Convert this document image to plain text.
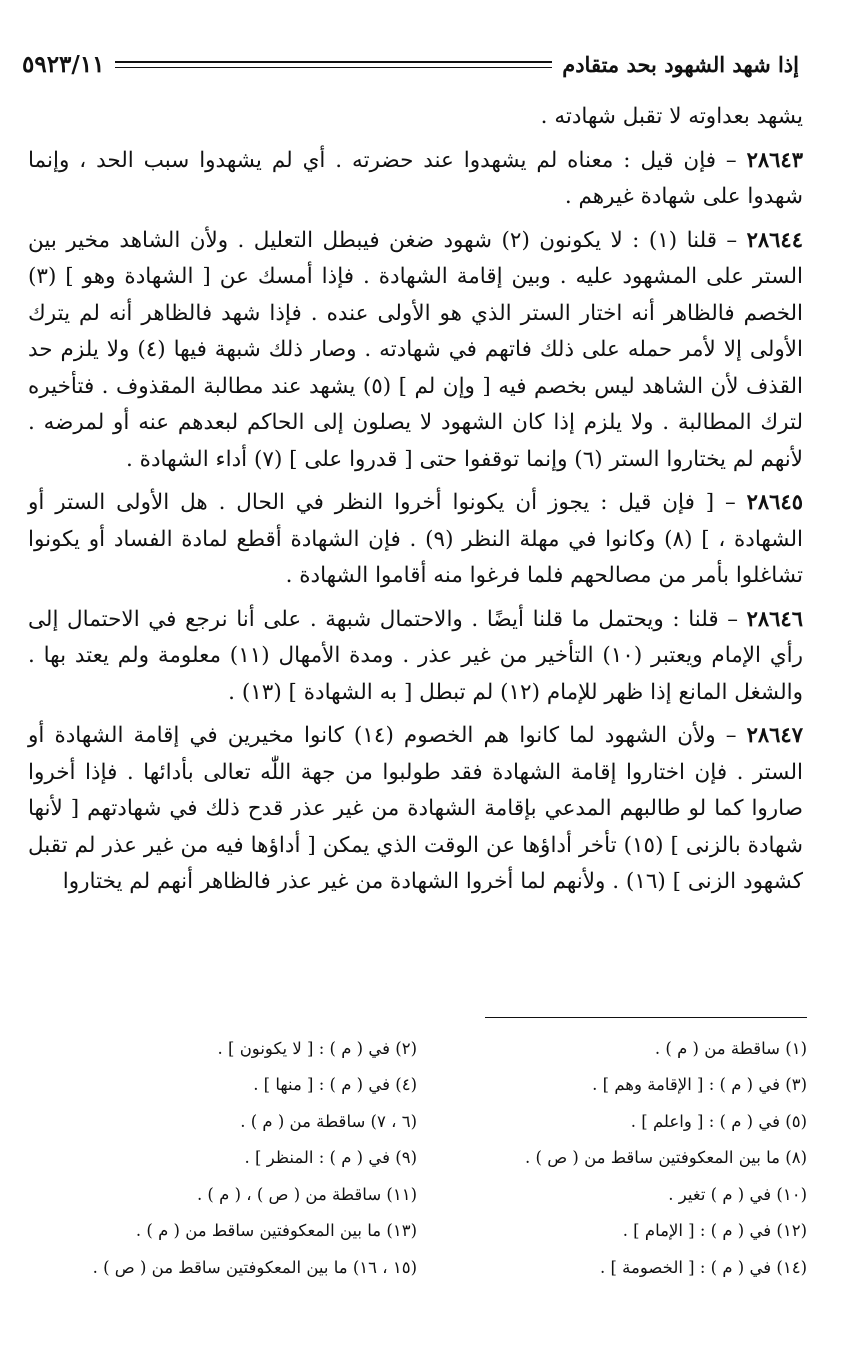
إذا شهد الشهود بحد متقادم
٥٩٢٣/١١

يشهد بعداوته لا تقبل شهادته .

٢٨٦٤٣ – فإن قيل : معناه لم يشهدوا عند حضرته . أي لم يشهدوا سبب الحد ، وإنما شهدوا على شهادة غيرهم .

٢٨٦٤٤ – قلنا (١) : لا يكونون (٢) شهود ضغن فيبطل التعليل . ولأن الشاهد مخير بين الستر على المشهود عليه . وبين إقامة الشهادة . فإذا أمسك عن [ الشهادة وهو ] (٣) الخصم فالظاهر أنه اختار الستر الذي هو الأولى عنده . فإذا شهد فالظاهر أنه لم يترك الأولى إلا لأمر حمله على ذلك فاتهم في شهادته . وصار ذلك شبهة فيها (٤) ولا يلزم حد القذف لأن الشاهد ليس بخصم فيه [ وإن لم ] (٥) يشهد عند مطالبة المقذوف . فتأخيره لترك المطالبة . ولا يلزم إذا كان الشهود لا يصلون إلى الحاكم لبعدهم عنه أو لمرضه . لأنهم لم يختاروا الستر (٦) وإنما توقفوا حتى [ قدروا على ] (٧) أداء الشهادة .

٢٨٦٤٥ – [ فإن قيل : يجوز أن يكونوا أخروا النظر في الحال . هل الأولى الستر أو الشهادة ، ] (٨) وكانوا في مهلة النظر (٩) . فإن الشهادة أقطع لمادة الفساد أو يكونوا تشاغلوا بأمر من مصالحهم فلما فرغوا منه أقاموا الشهادة .

٢٨٦٤٦ – قلنا : ويحتمل ما قلنا أيضًا . والاحتمال شبهة . على أنا نرجع في الاحتمال إلى رأي الإمام ويعتبر (١٠) التأخير من غير عذر . ومدة الأمهال (١١) معلومة ولم يعتد بها . والشغل المانع إذا ظهر للإمام (١٢) لم تبطل [ به الشهادة ] (١٣) .

٢٨٦٤٧ – ولأن الشهود لما كانوا هم الخصوم (١٤) كانوا مخيرين في إقامة الشهادة أو الستر . فإن اختاروا إقامة الشهادة فقد طولبوا من جهة اللّٰه تعالى بأدائها . فإذا أخروا صاروا كما لو طالبهم المدعي بإقامة الشهادة من غير عذر قدح ذلك في شهادتهم [ لأنها شهادة بالزنى ] (١٥) تأخر أداؤها عن الوقت الذي يمكن [ أداؤها فيه من غير عذر لم تقبل كشهود الزنى ] (١٦) . ولأنهم لما أخروا الشهادة من غير عذر فالظاهر أنهم لم يختاروا

(١) ساقطة من ( م ) .
(٢) في ( م ) : [ لا يكونون ] .
(٣) في ( م ) : [ الإقامة وهم ] .
(٤) في ( م ) : [ منها ] .
(٥) في ( م ) : [ واعلم ] .
(٦ ، ٧) ساقطة من ( م ) .
(٨) ما بين المعكوفتين ساقط من ( ص ) .
(٩) في ( م ) : المنظر ] .
(١٠) في ( م ) تغير .
(١١) ساقطة من ( ص ) ، ( م ) .
(١٢) في ( م ) : [ الإمام ] .
(١٣) ما بين المعكوفتين ساقط من ( م ) .
(١٤) في ( م ) : [ الخصومة ] .
(١٥ ، ١٦) ما بين المعكوفتين ساقط من ( ص ) .
